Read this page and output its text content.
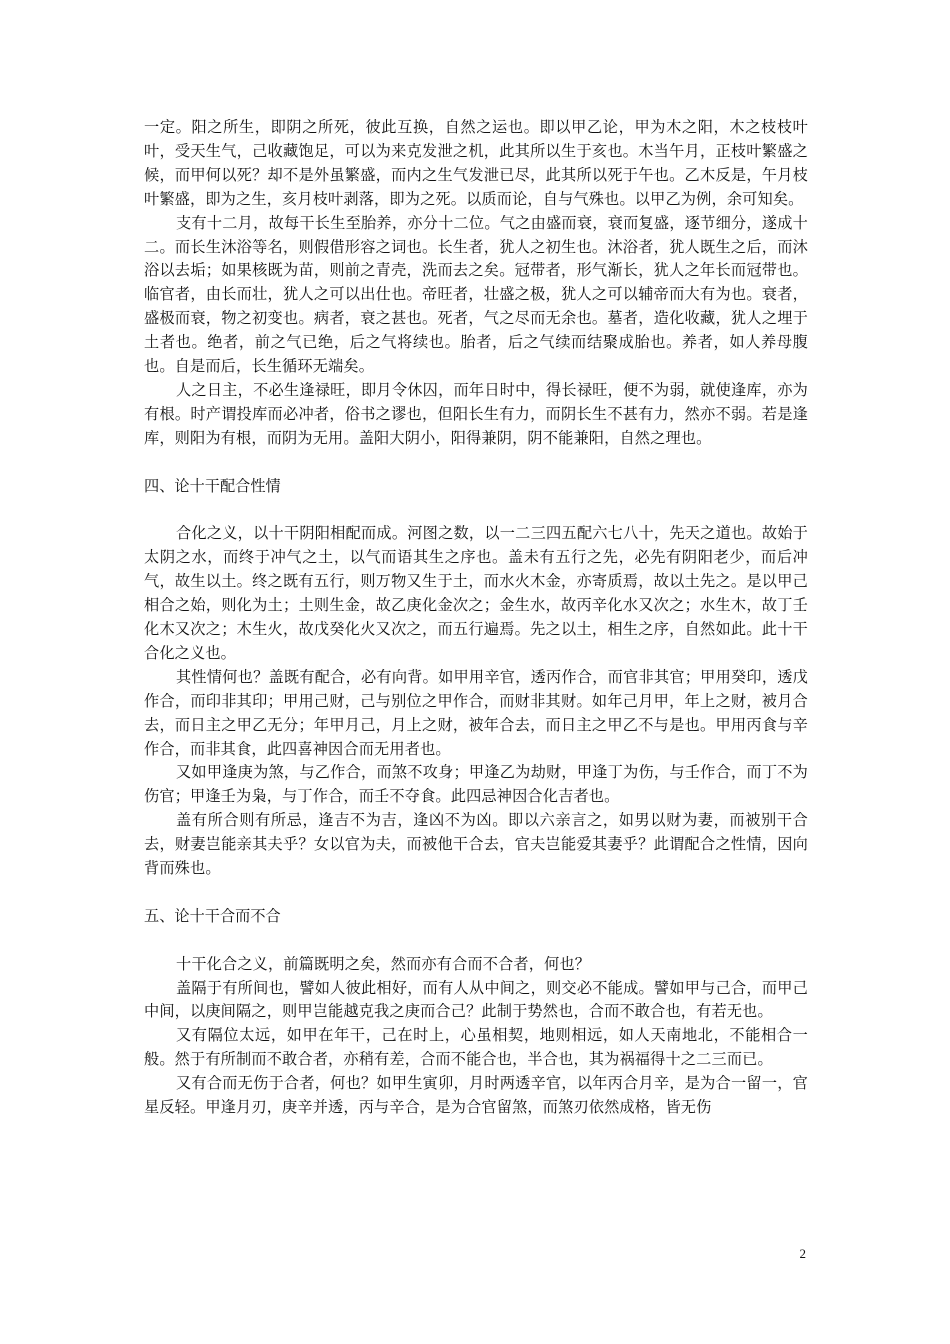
一定。阳之所生，即阴之所死，彼此互换，自然之运也。即以甲乙论，甲为木之阳，木之枝枝叶叶，受天生气，己收藏饱足，可以为来克发泄之机，此其所以生于亥也。木当午月，正枝叶繁盛之候，而甲何以死？却不是外虽繁盛，而内之生气发泄已尽，此其所以死于午也。乙木反是，午月枝叶繁盛，即为之生，亥月枝叶剥落，即为之死。以质而论，自与气殊也。以甲乙为例，余可知矣。

支有十二月，故每干长生至胎养，亦分十二位。气之由盛而衰，衰而复盛，逐节细分，遂成十二。而长生沐浴等名，则假借形容之词也。长生者，犹人之初生也。沐浴者，犹人既生之后，而沐浴以去垢；如果核既为苗，则前之青壳，洗而去之矣。冠带者，形气渐长，犹人之年长而冠带也。临官者，由长而壮，犹人之可以出仕也。帝旺者，壮盛之极，犹人之可以辅帝而大有为也。衰者，盛极而衰，物之初变也。病者，衰之甚也。死者，气之尽而无余也。墓者，造化收藏，犹人之埋于土者也。绝者，前之气已绝，后之气将续也。胎者，后之气续而结聚成胎也。养者，如人养母腹也。自是而后，长生循环无端矣。

人之日主，不必生逢禄旺，即月令休囚，而年日时中，得长禄旺，便不为弱，就使逢库，亦为有根。时产谓投库而必冲者，俗书之谬也，但阳长生有力，而阴长生不甚有力，然亦不弱。若是逢库，则阳为有根，而阴为无用。盖阳大阴小，阳得兼阴，阴不能兼阳，自然之理也。

四、论十干配合性情

合化之义，以十干阴阳相配而成。河图之数，以一二三四五配六七八十，先天之道也。故始于太阴之水，而终于冲气之土，以气而语其生之序也。盖未有五行之先，必先有阴阳老少，而后冲气，故生以土。终之既有五行，则万物又生于土，而水火木金，亦寄质焉，故以土先之。是以甲己相合之始，则化为土；土则生金，故乙庚化金次之；金生水，故丙辛化水又次之；水生木，故丁壬化木又次之；木生火，故戊癸化火又次之，而五行遍焉。先之以土，相生之序，自然如此。此十干合化之义也。

其性情何也？盖既有配合，必有向背。如甲用辛官，透丙作合，而官非其官；甲用癸印，透戊作合，而印非其印；甲用己财，己与别位之甲作合，而财非其财。如年己月甲，年上之财，被月合去，而日主之甲乙无分；年甲月己，月上之财，被年合去，而日主之甲乙不与是也。甲用丙食与辛作合，而非其食，此四喜神因合而无用者也。

又如甲逢庚为煞，与乙作合，而煞不攻身；甲逢乙为劫财，甲逢丁为伤，与壬作合，而丁不为伤官；甲逢壬为枭，与丁作合，而壬不夺食。此四忌神因合化吉者也。

盖有所合则有所忌，逢吉不为吉，逢凶不为凶。即以六亲言之，如男以财为妻，而被别干合去，财妻岂能亲其夫乎？女以官为夫，而被他干合去，官夫岂能爱其妻乎？此谓配合之性情，因向背而殊也。

五、论十干合而不合

十干化合之义，前篇既明之矣，然而亦有合而不合者，何也？

盖隔于有所间也，譬如人彼此相好，而有人从中间之，则交必不能成。譬如甲与己合，而甲己中间，以庚间隔之，则甲岂能越克我之庚而合己？此制于势然也，合而不敢合也，有若无也。

又有隔位太远，如甲在年干，己在时上，心虽相契，地则相远，如人天南地北，不能相合一般。然于有所制而不敢合者，亦稍有差，合而不能合也，半合也，其为祸福得十之二三而已。

又有合而无伤于合者，何也？如甲生寅卯，月时两透辛官，以年丙合月辛，是为合一留一，官星反轻。甲逢月刃，庚辛并透，丙与辛合，是为合官留煞，而煞刃依然成格，皆无伤

2
